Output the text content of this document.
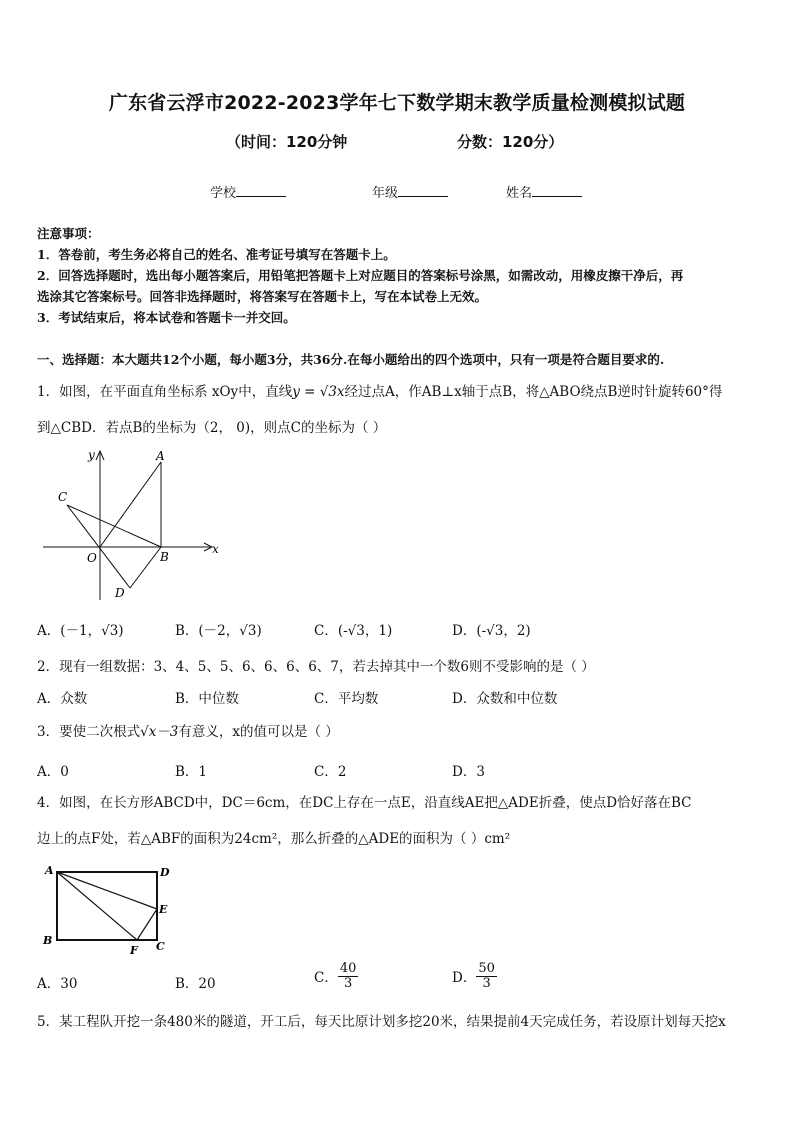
广东省云浮市2022-2023学年七下数学期末教学质量检测模拟试题
（时间：120分钟	分数：120分）
学校	年级	姓名
注意事项：
1．答卷前，考生务必将自己的姓名、准考证号填写在答题卡上。
2．回答选择题时，选出每小题答案后，用铅笔把答题卡上对应题目的答案标号涂黑，如需改动，用橡皮擦干净后，再
选涂其它答案标号。回答非选择题时，将答案写在答题卡上，写在本试卷上无效。
3．考试结束后，将本试卷和答题卡一并交回。
一、选择题：本大题共12个小题，每小题3分，共36分.在每小题给出的四个选项中，只有一项是符合题目要求的.
1．如图，在平面直角坐标系 xOy中，直线y = √3x经过点A，作AB⊥x轴于点B，将△ABO绕点B逆时针旋转60°得
到△CBD．若点B的坐标为（2， 0)，则点C的坐标为（ ）
y
x
A
C
O	B
D
A．(－1，√3)	B．(－2，√3)	C．(-√3，1)	D．(-√3，2)
2．现有一组数据：3、4、5、5、6、6、6、6、7，若去掉其中一个数6则不受影响的是（ ）
A．众数	B．中位数	C．平均数	D．众数和中位数
3．要使二次根式√x－3有意义，x的值可以是（ ）
A．0	B．1	C．2	D．3
4．如图，在长方形ABCD中，DC＝6cm，在DC上存在一点E，沿直线AE把△ADE折叠，使点D恰好落在BC
边上的点F处，若△ABF的面积为24cm²，那么折叠的△ADE的面积为（ ）cm²
A	D
E
B
F C
A．30	B．20	C． $\frac{40}{3}$	D． $\frac{50}{3}$
5．某工程队开挖一条480米的隧道，开工后，每天比原计划多挖20米，结果提前4天完成任务，若设原计划每天挖x
